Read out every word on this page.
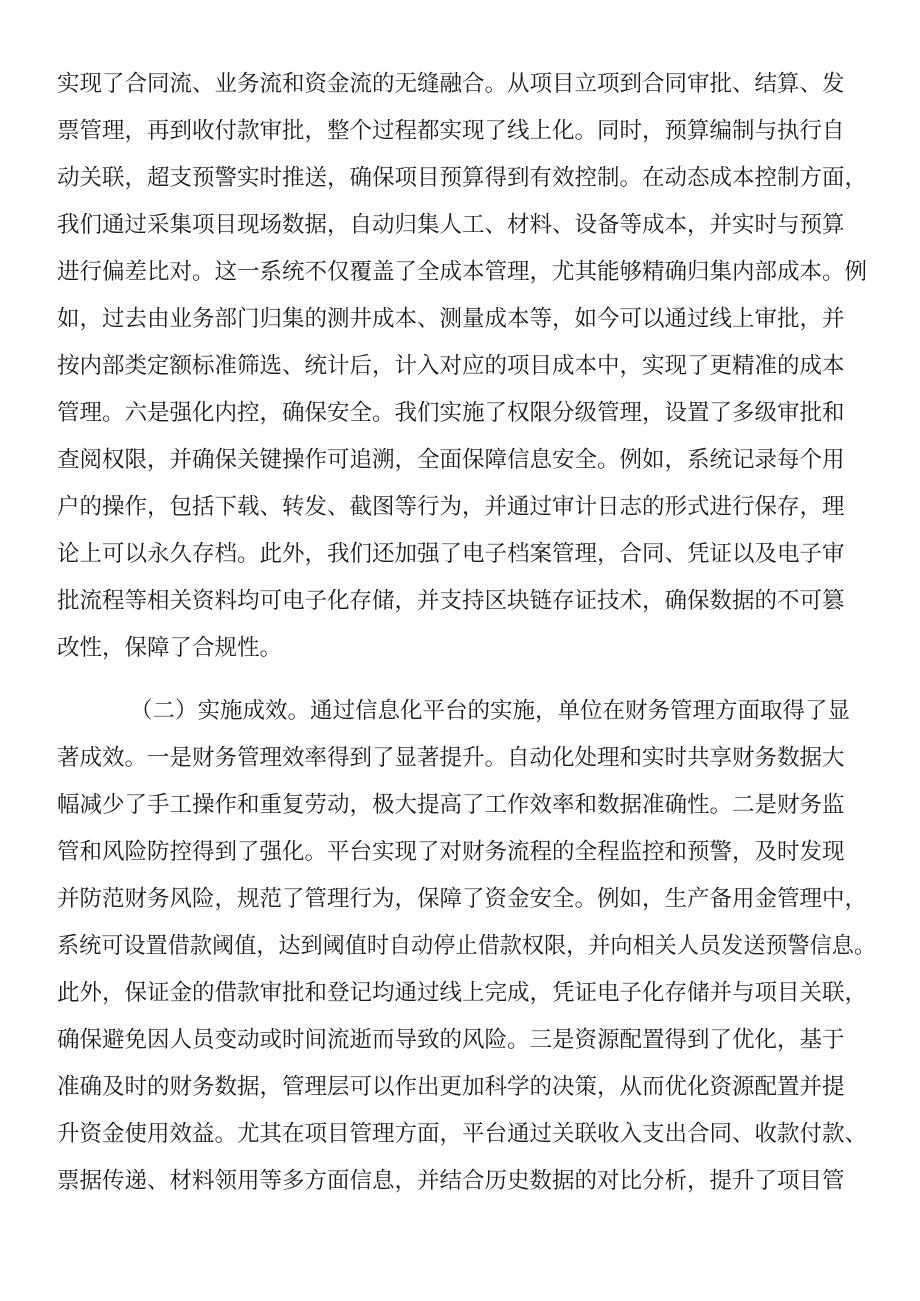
实现了合同流、业务流和资金流的无缝融合。从项目立项到合同审批、结算、发
票管理，再到收付款审批，整个过程都实现了线上化。同时，预算编制与执行自
动关联，超支预警实时推送，确保项目预算得到有效控制。在动态成本控制方面，
我们通过采集项目现场数据，自动归集人工、材料、设备等成本，并实时与预算
进行偏差比对。这一系统不仅覆盖了全成本管理，尤其能够精确归集内部成本。例
如，过去由业务部门归集的测井成本、测量成本等，如今可以通过线上审批，并
按内部类定额标准筛选、统计后，计入对应的项目成本中，实现了更精准的成本
管理。六是强化内控，确保安全。我们实施了权限分级管理，设置了多级审批和
查阅权限，并确保关键操作可追溯，全面保障信息安全。例如，系统记录每个用
户的操作，包括下载、转发、截图等行为，并通过审计日志的形式进行保存，理
论上可以永久存档。此外，我们还加强了电子档案管理，合同、凭证以及电子审
批流程等相关资料均可电子化存储，并支持区块链存证技术，确保数据的不可篡
改性，保障了合规性。
（二）实施成效。通过信息化平台的实施，单位在财务管理方面取得了显
著成效。一是财务管理效率得到了显著提升。自动化处理和实时共享财务数据大
幅减少了手工操作和重复劳动，极大提高了工作效率和数据准确性。二是财务监
管和风险防控得到了强化。平台实现了对财务流程的全程监控和预警，及时发现
并防范财务风险，规范了管理行为，保障了资金安全。例如，生产备用金管理中，
系统可设置借款阈值，达到阈值时自动停止借款权限，并向相关人员发送预警信息。
此外，保证金的借款审批和登记均通过线上完成，凭证电子化存储并与项目关联，
确保避免因人员变动或时间流逝而导致的风险。三是资源配置得到了优化，基于
准确及时的财务数据，管理层可以作出更加科学的决策，从而优化资源配置并提
升资金使用效益。尤其在项目管理方面，平台通过关联收入支出合同、收款付款、
票据传递、材料领用等多方面信息，并结合历史数据的对比分析，提升了项目管
